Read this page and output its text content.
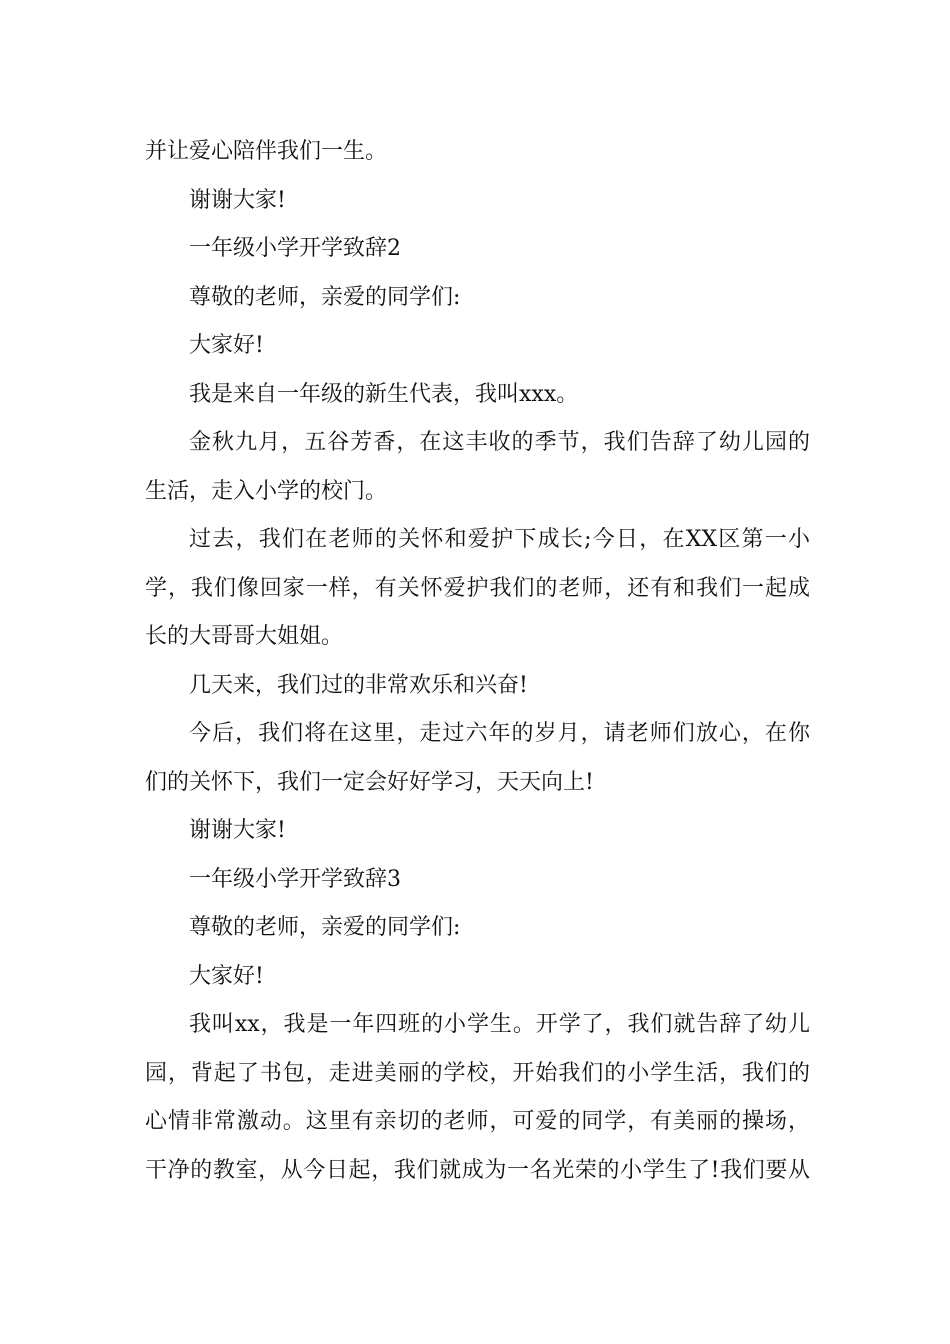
并让爱心陪伴我们一生。
谢谢大家!
一年级小学开学致辞2
尊敬的老师，亲爱的同学们:
大家好!
我是来自一年级的新生代表，我叫xxx。
金秋九月，五谷芳香，在这丰收的季节，我们告辞了幼儿园的
生活，走入小学的校门。
过去，我们在老师的关怀和爱护下成长;今日，在XX区第一小
学，我们像回家一样，有关怀爱护我们的老师，还有和我们一起成
长的大哥哥大姐姐。
几天来，我们过的非常欢乐和兴奋!
今后，我们将在这里，走过六年的岁月，请老师们放心，在你
们的关怀下，我们一定会好好学习，天天向上!
谢谢大家!
一年级小学开学致辞3
尊敬的老师，亲爱的同学们:
大家好!
我叫xx，我是一年四班的小学生。开学了，我们就告辞了幼儿
园，背起了书包，走进美丽的学校，开始我们的小学生活，我们的
心情非常激动。这里有亲切的老师，可爱的同学，有美丽的操场，
干净的教室，从今日起，我们就成为一名光荣的小学生了!我们要从
